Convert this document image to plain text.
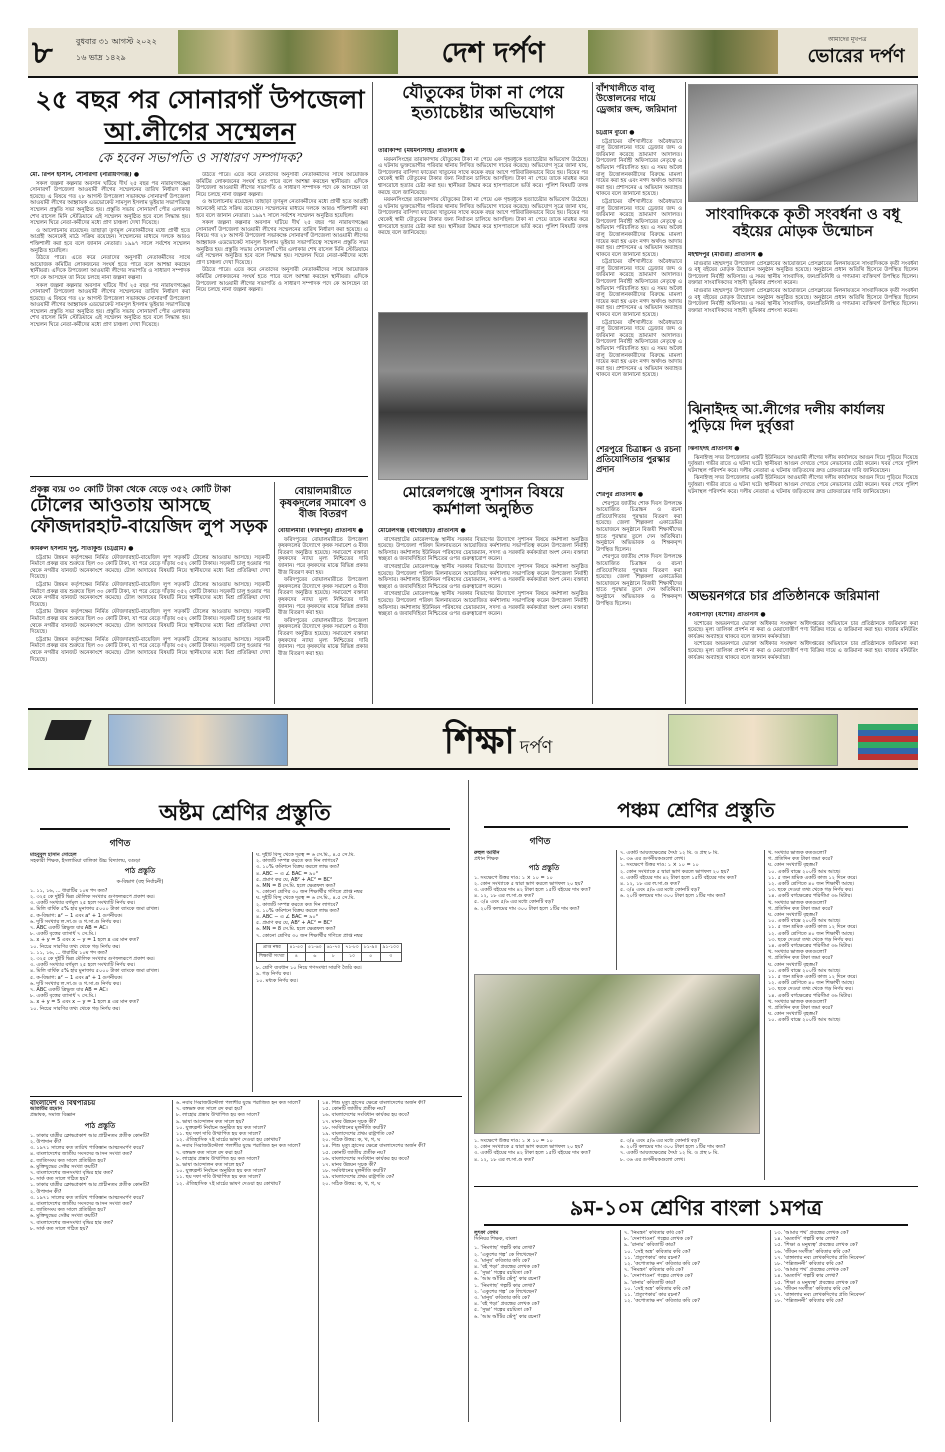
৮	বুধবার ৩১ আগস্ট ২০২২
১৬ ভাদ্র ১৪২৯	দেশ দর্পণ	আমাদের মূখপত্র
ভোরের দর্পণ
২৫ বছর পর সোনারগাঁ উপজেলা
আ.লীগের সম্মেলন
কে হবেন সভাপতি ও সাধারণ সম্পাদক?
মো. রিপন হাসান, সোনারগাঁ (নারায়ণগঞ্জ) ●

সকল জল্পনা কল্পনার অবসান ঘটিয়ে দীর্ঘ ২৫ বছর পর নারায়ণগঞ্জের সোনারগাঁ উপজেলা আওয়ামী লীগের সম্মেলনের তারিখ নির্ধারণ করা হয়েছে। এ বিষয়ে গত ২৮ আগস্ট উপজেলা সভাকক্ষে সোনারগাঁ উপজেলা আওয়ামী লীগের আহ্বায়ক এডভোকেট সামসুল ইসলাম ভূইয়ার সভাপতিত্বে সম্মেলন প্রস্তুতি সভা অনুষ্ঠিত হয়। প্রস্তুতি সভায় সোনারগাঁ পৌর এলাকার শেখ রাসেল মিনি স্টেডিয়ামে এই সম্মেলন অনুষ্ঠিত হবে বলে সিদ্ধান্ত হয়। সম্মেলন ঘিরে নেতা-কর্মীদের মধ্যে প্রাণ চাঞ্চল্য দেখা দিয়েছে।

ও আলোচনায় রয়েছেন। তাছাড়া তৃণমূল নেতাকর্মীদের মধ্যে প্রার্থী হতে আগ্রহী অনেকেই মাঠে সক্রিয় রয়েছেন। সম্মেলনের মাধ্যমে দলকে আরও শক্তিশালী করা হবে বলে জানান নেতারা। ১৯৯৭ সালে সর্বশেষ সম্মেলন অনুষ্ঠিত হয়েছিল।

উঠতে পারে। এতে করে নেতাদের অনুসারী নেতাকর্মীদের সাথে আয়োজক কমিটির লোকজনের সংঘর্ষ হতে পারে বলে আশঙ্কা করছেন স্থানীয়রা। এদিকে উপজেলা আওয়ামী লীগের সভাপতি ও সাধারণ সম্পাদক পদে কে আসছেন তা নিয়ে চলছে নানা জল্পনা কল্পনা।

সকল জল্পনা কল্পনার অবসান ঘটিয়ে দীর্ঘ ২৫ বছর পর নারায়ণগঞ্জের সোনারগাঁ উপজেলা আওয়ামী লীগের সম্মেলনের তারিখ নির্ধারণ করা হয়েছে। এ বিষয়ে গত ২৮ আগস্ট উপজেলা সভাকক্ষে সোনারগাঁ উপজেলা আওয়ামী লীগের আহ্বায়ক এডভোকেট সামসুল ইসলাম ভূইয়ার সভাপতিত্বে সম্মেলন প্রস্তুতি সভা অনুষ্ঠিত হয়। প্রস্তুতি সভায় সোনারগাঁ পৌর এলাকার শেখ রাসেল মিনি স্টেডিয়ামে এই সম্মেলন অনুষ্ঠিত হবে বলে সিদ্ধান্ত হয়। সম্মেলন ঘিরে নেতা-কর্মীদের মধ্যে প্রাণ চাঞ্চল্য দেখা দিয়েছে।

উঠতে পারে। এতে করে নেতাদের অনুসারী নেতাকর্মীদের সাথে আয়োজক কমিটির লোকজনের সংঘর্ষ হতে পারে বলে আশঙ্কা করছেন স্থানীয়রা। এদিকে উপজেলা আওয়ামী লীগের সভাপতি ও সাধারণ সম্পাদক পদে কে আসছেন তা নিয়ে চলছে নানা জল্পনা কল্পনা।

ও আলোচনায় রয়েছেন। তাছাড়া তৃণমূল নেতাকর্মীদের মধ্যে প্রার্থী হতে আগ্রহী অনেকেই মাঠে সক্রিয় রয়েছেন। সম্মেলনের মাধ্যমে দলকে আরও শক্তিশালী করা হবে বলে জানান নেতারা। ১৯৯৭ সালে সর্বশেষ সম্মেলন অনুষ্ঠিত হয়েছিল।

সকল জল্পনা কল্পনার অবসান ঘটিয়ে দীর্ঘ ২৫ বছর পর নারায়ণগঞ্জের সোনারগাঁ উপজেলা আওয়ামী লীগের সম্মেলনের তারিখ নির্ধারণ করা হয়েছে। এ বিষয়ে গত ২৮ আগস্ট উপজেলা সভাকক্ষে সোনারগাঁ উপজেলা আওয়ামী লীগের আহ্বায়ক এডভোকেট সামসুল ইসলাম ভূইয়ার সভাপতিত্বে সম্মেলন প্রস্তুতি সভা অনুষ্ঠিত হয়। প্রস্তুতি সভায় সোনারগাঁ পৌর এলাকার শেখ রাসেল মিনি স্টেডিয়ামে এই সম্মেলন অনুষ্ঠিত হবে বলে সিদ্ধান্ত হয়। সম্মেলন ঘিরে নেতা-কর্মীদের মধ্যে প্রাণ চাঞ্চল্য দেখা দিয়েছে।

উঠতে পারে। এতে করে নেতাদের অনুসারী নেতাকর্মীদের সাথে আয়োজক কমিটির লোকজনের সংঘর্ষ হতে পারে বলে আশঙ্কা করছেন স্থানীয়রা। এদিকে উপজেলা আওয়ামী লীগের সভাপতি ও সাধারণ সম্পাদক পদে কে আসছেন তা নিয়ে চলছে নানা জল্পনা কল্পনা।

প্রকল্প ব্যয় ৩০ কোটি টাকা থেকে বেড়ে ৩৫২ কোটি টাকা
টোলের আওতায় আসছে ফৌজদারহাট-বায়েজিদ লুপ সড়ক
কামরুল ইসলাম দুলু, সীতাকুন্ড (চট্টগ্রাম) ●

চট্টগ্রাম উন্নয়ন কর্তৃপক্ষের নির্মিত ফৌজদারহাট-বায়েজিদ লুপ সড়কটি টোলের আওতায় আসছে। সড়কটি নির্মাণে প্রকল্প ব্যয় শুরুতে ছিল ৩০ কোটি টাকা, যা পরে বেড়ে দাঁড়ায় ৩৫২ কোটি টাকায়। সড়কটি চালু হওয়ার পর থেকে নগরীর যানজট অনেকাংশে কমেছে। টোল আদায়ের বিষয়টি নিয়ে স্থানীয়দের মধ্যে মিশ্র প্রতিক্রিয়া দেখা দিয়েছে।

চট্টগ্রাম উন্নয়ন কর্তৃপক্ষের নির্মিত ফৌজদারহাট-বায়েজিদ লুপ সড়কটি টোলের আওতায় আসছে। সড়কটি নির্মাণে প্রকল্প ব্যয় শুরুতে ছিল ৩০ কোটি টাকা, যা পরে বেড়ে দাঁড়ায় ৩৫২ কোটি টাকায়। সড়কটি চালু হওয়ার পর থেকে নগরীর যানজট অনেকাংশে কমেছে। টোল আদায়ের বিষয়টি নিয়ে স্থানীয়দের মধ্যে মিশ্র প্রতিক্রিয়া দেখা দিয়েছে।

চট্টগ্রাম উন্নয়ন কর্তৃপক্ষের নির্মিত ফৌজদারহাট-বায়েজিদ লুপ সড়কটি টোলের আওতায় আসছে। সড়কটি নির্মাণে প্রকল্প ব্যয় শুরুতে ছিল ৩০ কোটি টাকা, যা পরে বেড়ে দাঁড়ায় ৩৫২ কোটি টাকায়। সড়কটি চালু হওয়ার পর থেকে নগরীর যানজট অনেকাংশে কমেছে। টোল আদায়ের বিষয়টি নিয়ে স্থানীয়দের মধ্যে মিশ্র প্রতিক্রিয়া দেখা দিয়েছে।

চট্টগ্রাম উন্নয়ন কর্তৃপক্ষের নির্মিত ফৌজদারহাট-বায়েজিদ লুপ সড়কটি টোলের আওতায় আসছে। সড়কটি নির্মাণে প্রকল্প ব্যয় শুরুতে ছিল ৩০ কোটি টাকা, যা পরে বেড়ে দাঁড়ায় ৩৫২ কোটি টাকায়। সড়কটি চালু হওয়ার পর থেকে নগরীর যানজট অনেকাংশে কমেছে। টোল আদায়ের বিষয়টি নিয়ে স্থানীয়দের মধ্যে মিশ্র প্রতিক্রিয়া দেখা দিয়েছে।

বোয়ালমারীতে কৃষকদলের সমাবেশ ও বীজ বিতরণ
বোয়ালমারী (ফরিদপুর) প্রতিনিধি ●

ফরিদপুরের বোয়ালমারীতে উপজেলা কৃষকদলের উদ্যোগে কৃষক সমাবেশ ও বীজ বিতরণ অনুষ্ঠিত হয়েছে। সমাবেশে বক্তারা কৃষকদের ন্যায্য মূল্য নিশ্চিতের দাবি জানান। পরে কৃষকদের মাঝে বিভিন্ন প্রকার বীজ বিতরণ করা হয়।

ফরিদপুরের বোয়ালমারীতে উপজেলা কৃষকদলের উদ্যোগে কৃষক সমাবেশ ও বীজ বিতরণ অনুষ্ঠিত হয়েছে। সমাবেশে বক্তারা কৃষকদের ন্যায্য মূল্য নিশ্চিতের দাবি জানান। পরে কৃষকদের মাঝে বিভিন্ন প্রকার বীজ বিতরণ করা হয়।

ফরিদপুরের বোয়ালমারীতে উপজেলা কৃষকদলের উদ্যোগে কৃষক সমাবেশ ও বীজ বিতরণ অনুষ্ঠিত হয়েছে। সমাবেশে বক্তারা কৃষকদের ন্যায্য মূল্য নিশ্চিতের দাবি জানান। পরে কৃষকদের মাঝে বিভিন্ন প্রকার বীজ বিতরণ করা হয়।

যৌতুকের টাকা না পেয়ে হত্যাচেষ্টার অভিযোগ
তারাকান্দা (ময়মনসিংহ) প্রতিনিধি ●

ময়মনসিংহের তারাকান্দায় যৌতুকের টাকা না পেয়ে এক গৃহবধূকে হত্যাচেষ্টার অভিযোগ উঠেছে। এ ঘটনায় ভুক্তভোগীর পরিবার থানায় লিখিত অভিযোগ দায়ের করেছে। অভিযোগ সূত্রে জানা যায়, উপজেলার বাসিন্দা ফাতেমা খাতুনের সাথে কয়েক বছর আগে পারিবারিকভাবে বিয়ে হয়। বিয়ের পর থেকেই স্বামী যৌতুকের টাকার জন্য নির্যাতন চালিয়ে আসছিল। টাকা না পেয়ে তাকে মারধর করে শ্বাসরোধে হত্যার চেষ্টা করা হয়। স্থানীয়রা উদ্ধার করে হাসপাতালে ভর্তি করে। পুলিশ বিষয়টি তদন্ত করছে বলে জানিয়েছে।

ময়মনসিংহের তারাকান্দায় যৌতুকের টাকা না পেয়ে এক গৃহবধূকে হত্যাচেষ্টার অভিযোগ উঠেছে। এ ঘটনায় ভুক্তভোগীর পরিবার থানায় লিখিত অভিযোগ দায়ের করেছে। অভিযোগ সূত্রে জানা যায়, উপজেলার বাসিন্দা ফাতেমা খাতুনের সাথে কয়েক বছর আগে পারিবারিকভাবে বিয়ে হয়। বিয়ের পর থেকেই স্বামী যৌতুকের টাকার জন্য নির্যাতন চালিয়ে আসছিল। টাকা না পেয়ে তাকে মারধর করে শ্বাসরোধে হত্যার চেষ্টা করা হয়। স্থানীয়রা উদ্ধার করে হাসপাতালে ভর্তি করে। পুলিশ বিষয়টি তদন্ত করছে বলে জানিয়েছে।

মোরেলগঞ্জে সুশাসন বিষয়ে কর্মশালা অনুষ্ঠিত
মোরেলগঞ্জ (বাগেরহাট) প্রতিনিধি ●

বাগেরহাটের মোরেলগঞ্জে স্থানীয় সরকার বিভাগের উদ্যোগে সুশাসন বিষয়ে কর্মশালা অনুষ্ঠিত হয়েছে। উপজেলা পরিষদ মিলনায়তনে আয়োজিত কর্মশালায় সভাপতিত্ব করেন উপজেলা নির্বাহী অফিসার। কর্মশালায় ইউনিয়ন পরিষদের চেয়ারম্যান, সদস্য ও সরকারি কর্মকর্তারা অংশ নেন। বক্তারা স্বচ্ছতা ও জবাবদিহিতা নিশ্চিতের ওপর গুরুত্বারোপ করেন।

বাগেরহাটের মোরেলগঞ্জে স্থানীয় সরকার বিভাগের উদ্যোগে সুশাসন বিষয়ে কর্মশালা অনুষ্ঠিত হয়েছে। উপজেলা পরিষদ মিলনায়তনে আয়োজিত কর্মশালায় সভাপতিত্ব করেন উপজেলা নির্বাহী অফিসার। কর্মশালায় ইউনিয়ন পরিষদের চেয়ারম্যান, সদস্য ও সরকারি কর্মকর্তারা অংশ নেন। বক্তারা স্বচ্ছতা ও জবাবদিহিতা নিশ্চিতের ওপর গুরুত্বারোপ করেন।

বাগেরহাটের মোরেলগঞ্জে স্থানীয় সরকার বিভাগের উদ্যোগে সুশাসন বিষয়ে কর্মশালা অনুষ্ঠিত হয়েছে। উপজেলা পরিষদ মিলনায়তনে আয়োজিত কর্মশালায় সভাপতিত্ব করেন উপজেলা নির্বাহী অফিসার। কর্মশালায় ইউনিয়ন পরিষদের চেয়ারম্যান, সদস্য ও সরকারি কর্মকর্তারা অংশ নেন। বক্তারা স্বচ্ছতা ও জবাবদিহিতা নিশ্চিতের ওপর গুরুত্বারোপ করেন।

বাঁশখালীতে বালু উত্তোলনের দায়ে ড্রেজার জব্দ, জরিমানা
চট্টগ্রাম ব্যুরো ●

চট্টগ্রামের বাঁশখালীতে অবৈধভাবে বালু উত্তোলনের দায়ে ড্রেজার জব্দ ও জরিমানা করেছে ভ্রাম্যমাণ আদালত। উপজেলা নির্বাহী অফিসারের নেতৃত্বে এ অভিযান পরিচালিত হয়। এ সময় অবৈধ বালু উত্তোলনকারীদের বিরুদ্ধে মামলা দায়ের করা হয় এবং নগদ অর্থদণ্ড আদায় করা হয়। প্রশাসনের এ অভিযান অব্যাহত থাকবে বলে জানানো হয়েছে।

চট্টগ্রামের বাঁশখালীতে অবৈধভাবে বালু উত্তোলনের দায়ে ড্রেজার জব্দ ও জরিমানা করেছে ভ্রাম্যমাণ আদালত। উপজেলা নির্বাহী অফিসারের নেতৃত্বে এ অভিযান পরিচালিত হয়। এ সময় অবৈধ বালু উত্তোলনকারীদের বিরুদ্ধে মামলা দায়ের করা হয় এবং নগদ অর্থদণ্ড আদায় করা হয়। প্রশাসনের এ অভিযান অব্যাহত থাকবে বলে জানানো হয়েছে।

চট্টগ্রামের বাঁশখালীতে অবৈধভাবে বালু উত্তোলনের দায়ে ড্রেজার জব্দ ও জরিমানা করেছে ভ্রাম্যমাণ আদালত। উপজেলা নির্বাহী অফিসারের নেতৃত্বে এ অভিযান পরিচালিত হয়। এ সময় অবৈধ বালু উত্তোলনকারীদের বিরুদ্ধে মামলা দায়ের করা হয় এবং নগদ অর্থদণ্ড আদায় করা হয়। প্রশাসনের এ অভিযান অব্যাহত থাকবে বলে জানানো হয়েছে।

চট্টগ্রামের বাঁশখালীতে অবৈধভাবে বালু উত্তোলনের দায়ে ড্রেজার জব্দ ও জরিমানা করেছে ভ্রাম্যমাণ আদালত। উপজেলা নির্বাহী অফিসারের নেতৃত্বে এ অভিযান পরিচালিত হয়। এ সময় অবৈধ বালু উত্তোলনকারীদের বিরুদ্ধে মামলা দায়ের করা হয় এবং নগদ অর্থদণ্ড আদায় করা হয়। প্রশাসনের এ অভিযান অব্যাহত থাকবে বলে জানানো হয়েছে।

শেরপুরে চিত্রাঙ্কন ও রচনা প্রতিযোগিতার পুরস্কার প্রদান
শেরপুর প্রতিনিধি ●

শেরপুরে জাতীয় শোক দিবস উপলক্ষে আয়োজিত চিত্রাঙ্কন ও রচনা প্রতিযোগিতার পুরস্কার বিতরণ করা হয়েছে। জেলা শিল্পকলা একাডেমির আয়োজনে অনুষ্ঠানে বিজয়ী শিক্ষার্থীদের হাতে পুরস্কার তুলে দেন অতিথিরা। অনুষ্ঠানে অভিভাবক ও শিক্ষকবৃন্দ উপস্থিত ছিলেন।

শেরপুরে জাতীয় শোক দিবস উপলক্ষে আয়োজিত চিত্রাঙ্কন ও রচনা প্রতিযোগিতার পুরস্কার বিতরণ করা হয়েছে। জেলা শিল্পকলা একাডেমির আয়োজনে অনুষ্ঠানে বিজয়ী শিক্ষার্থীদের হাতে পুরস্কার তুলে দেন অতিথিরা। অনুষ্ঠানে অভিভাবক ও শিক্ষকবৃন্দ উপস্থিত ছিলেন।

সাংবাদিককে কৃতী সংবর্ধনা ও বধূ বইয়ের মোড়ক উন্মোচন
মহম্মদপুর (মাগুরা) প্রতিনিধি ●

মাগুরার মহম্মদপুর উপজেলা প্রেসক্লাবের আয়োজনে প্রেসক্লাবের মিলনায়তনে সাংবাদিককে কৃতী সংবর্ধনা ও বধূ বইয়ের মোড়ক উন্মোচন অনুষ্ঠান অনুষ্ঠিত হয়েছে। অনুষ্ঠানে প্রধান অতিথি হিসেবে উপস্থিত ছিলেন উপজেলা নির্বাহী অফিসার। এ সময় স্থানীয় সাংবাদিক, জনপ্রতিনিধি ও গণ্যমান্য ব্যক্তিবর্গ উপস্থিত ছিলেন। বক্তারা সাংবাদিকদের সাহসী ভূমিকার প্রশংসা করেন।

মাগুরার মহম্মদপুর উপজেলা প্রেসক্লাবের আয়োজনে প্রেসক্লাবের মিলনায়তনে সাংবাদিককে কৃতী সংবর্ধনা ও বধূ বইয়ের মোড়ক উন্মোচন অনুষ্ঠান অনুষ্ঠিত হয়েছে। অনুষ্ঠানে প্রধান অতিথি হিসেবে উপস্থিত ছিলেন উপজেলা নির্বাহী অফিসার। এ সময় স্থানীয় সাংবাদিক, জনপ্রতিনিধি ও গণ্যমান্য ব্যক্তিবর্গ উপস্থিত ছিলেন। বক্তারা সাংবাদিকদের সাহসী ভূমিকার প্রশংসা করেন।

ঝিনাইদহ আ.লীগের দলীয় কার্যালয় পুড়িয়ে দিল দুর্বৃত্তরা
ঝিনাইদহ প্রতিনিধি ●

ঝিনাইদহ সদর উপজেলার একটি ইউনিয়নে আওয়ামী লীগের দলীয় কার্যালয়ে আগুন দিয়ে পুড়িয়ে দিয়েছে দুর্বৃত্তরা। গভীর রাতে এ ঘটনা ঘটে। স্থানীয়রা আগুন দেখতে পেয়ে নেভানোর চেষ্টা করেন। খবর পেয়ে পুলিশ ঘটনাস্থল পরিদর্শন করে। দলীয় নেতারা এ ঘটনায় জড়িতদের দ্রুত গ্রেফতারের দাবি জানিয়েছেন।

ঝিনাইদহ সদর উপজেলার একটি ইউনিয়নে আওয়ামী লীগের দলীয় কার্যালয়ে আগুন দিয়ে পুড়িয়ে দিয়েছে দুর্বৃত্তরা। গভীর রাতে এ ঘটনা ঘটে। স্থানীয়রা আগুন দেখতে পেয়ে নেভানোর চেষ্টা করেন। খবর পেয়ে পুলিশ ঘটনাস্থল পরিদর্শন করে। দলীয় নেতারা এ ঘটনায় জড়িতদের দ্রুত গ্রেফতারের দাবি জানিয়েছেন।

অভয়নগরে চার প্রতিষ্ঠানকে জরিমানা
নওয়াপাড়া (যশোর) প্রতিনিধি ●

যশোরের অভয়নগরে ভোক্তা অধিকার সংরক্ষণ অধিদপ্তরের অভিযানে চার প্রতিষ্ঠানকে জরিমানা করা হয়েছে। মূল্য তালিকা প্রদর্শন না করা ও মেয়াদোত্তীর্ণ পণ্য বিক্রির দায়ে এ জরিমানা করা হয়। বাজার মনিটরিং কার্যক্রম অব্যাহত থাকবে বলে জানান কর্মকর্তারা।

যশোরের অভয়নগরে ভোক্তা অধিকার সংরক্ষণ অধিদপ্তরের অভিযানে চার প্রতিষ্ঠানকে জরিমানা করা হয়েছে। মূল্য তালিকা প্রদর্শন না করা ও মেয়াদোত্তীর্ণ পণ্য বিক্রির দায়ে এ জরিমানা করা হয়। বাজার মনিটরিং কার্যক্রম অব্যাহত থাকবে বলে জানান কর্মকর্তারা।

শিক্ষা দর্পণ
অষ্টম শ্রেণির প্রস্তুতি
গণিত
মাহবুবুল হাসান সোহেল
সহকারী শিক্ষক, ইসলামিয়া বালিকা উচ্চ বিদ্যালয়, বগুড়া
পাঠ প্রস্তুতি
ক-বিভাগ (বহু নির্বাচনী)
১. ১১, ১৬, ... ধারাটির ১০ম পদ কত?
২. ৩২৫ কে দুইটি ভিন্ন মৌলিক সংখ্যার গুণফলরূপে প্রকাশ কর।
৩. একটি সংখ্যার বর্গমূল ২৫ হলে সংখ্যাটি নির্ণয় কর।
৪. মিলি বার্ষিক ৫% হার মুনাফায় ৫০০০ টাকা ব্যাংকে জমা রাখল।
৫. ক-বিভাগ: a² − 1 এবং a² + 1 গুণনীয়ক।
৬. দুটি সংখ্যার ল.সা.গু ও গ.সা.গু নির্ণয় কর।
৭. ABC একটি ত্রিভুজ যার AB = AC।
৮. একটি বৃত্তের ব্যাসার্ধ ৭ সে.মি.।
৯. x + y = 5 এবং x − y = 1 হলে x এর মান কত?
১০. নিচের সারণির তথ্য থেকে গড় নির্ণয় কর।
১. ১১, ১৬, ... ধারাটির ১০ম পদ কত?
২. ৩২৫ কে দুইটি ভিন্ন মৌলিক সংখ্যার গুণফলরূপে প্রকাশ কর।
৩. একটি সংখ্যার বর্গমূল ২৫ হলে সংখ্যাটি নির্ণয় কর।
৪. মিলি বার্ষিক ৫% হার মুনাফায় ৫০০০ টাকা ব্যাংকে জমা রাখল।
৫. ক-বিভাগ: a² − 1 এবং a² + 1 গুণনীয়ক।
৬. দুটি সংখ্যার ল.সা.গু ও গ.সা.গু নির্ণয় কর।
৭. ABC একটি ত্রিভুজ যার AB = AC।
৮. একটি বৃত্তের ব্যাসার্ধ ৭ সে.মি.।
৯. x + y = 5 এবং x − y = 1 হলে x এর মান কত?
১০. নিচের সারণির তথ্য থেকে গড় নির্ণয় কর।
ঘ. দুইটি বিন্দু থেকে দূরত্ব = ৬ সে.মি., ৪.৫ সে.মি.
২. কাজটি সম্পন্ন করতে কত দিন লাগবে?
৩. ১০% কমিশনে বিক্রয় করলে লাভ কত?
৪. ABC − এ ∠ BAC = ৯০°
৫. প্রমাণ কর যে, AB² + AC² = BC²
৬. MN = 8 সে.মি. হলে ক্ষেত্রফল কত?
৭. কোনো শ্রেণির ৩০ জন শিক্ষার্থীর গণিতে প্রাপ্ত নম্বর
ঘ. দুইটি বিন্দু থেকে দূরত্ব = ৬ সে.মি., ৪.৫ সে.মি.
২. কাজটি সম্পন্ন করতে কত দিন লাগবে?
৩. ১০% কমিশনে বিক্রয় করলে লাভ কত?
৪. ABC − এ ∠ BAC = ৯০°
৫. প্রমাণ কর যে, AB² + AC² = BC²
৬. MN = 8 সে.মি. হলে ক্ষেত্রফল কত?
৭. কোনো শ্রেণির ৩০ জন শিক্ষার্থীর গণিতে প্রাপ্ত নম্বর
প্রাপ্ত নম্বর	৪১-৫০	৫১-৬০	৬১-৭০	৭১-৮০	৮১-৯০	৯১-১০০
শিক্ষার্থী সংখ্যা	৪	৬	৮	১০	৫	৩
৮. শ্রেণি ব্যবধান ১০ নিয়ে গণসংখ্যা সারণি তৈরি কর।
৯. গড় নির্ণয় কর।
১০. মধ্যক নির্ণয় কর।
বাংলাদেশ ও বিশ্বপরিচয়
আতাউর রহমান
প্রভাষক, সমাজ বিজ্ঞান
পাঠ প্রস্তুতি
১. ঢাকার যাত্রীর ক্লোভপ্রকাশ আর প্রাচীনতম প্রতীক কোনটি?
২. উপাদান কী?
৩. ১৯৭১ সালের কত তারিখ পাকিস্তান আত্মসমর্পণ করে?
৪. বাংলাদেশের জাতীয় সংসদের আসন সংখ্যা কত?
৫. জাতিসংঘ কত সালে প্রতিষ্ঠিত হয়?
৬. মুক্তিযুদ্ধের সেক্টর সংখ্যা কয়টি?
৭. বাংলাদেশের জনসংখ্যা বৃদ্ধির হার কত?
৮. সার্ক কত সালে গঠিত হয়?
১. ঢাকার যাত্রীর ক্লোভপ্রকাশ আর প্রাচীনতম প্রতীক কোনটি?
২. উপাদান কী?
৩. ১৯৭১ সালের কত তারিখ পাকিস্তান আত্মসমর্পণ করে?
৪. বাংলাদেশের জাতীয় সংসদের আসন সংখ্যা কত?
৫. জাতিসংঘ কত সালে প্রতিষ্ঠিত হয়?
৬. মুক্তিযুদ্ধের সেক্টর সংখ্যা কয়টি?
৭. বাংলাদেশের জনসংখ্যা বৃদ্ধির হার কত?
৮. সার্ক কত সালে গঠিত হয়?
৬. নবাব সিরাজউদ্দৌলা পলাশীর যুদ্ধে পরাজিত হন কত সালে?
৭. বঙ্গভঙ্গ কত সালে রদ করা হয়?
৮. লাহোর প্রস্তাব উত্থাপিত হয় কত সালে?
৯. ভাষা আন্দোলন কত সালে হয়?
১০. যুক্তফ্রন্ট নির্বাচন অনুষ্ঠিত হয় কত সালে?
১১. ছয় দফা দাবি উত্থাপিত হয় কত সালে?
১২. ঐতিহাসিক ৭ই মার্চের ভাষণ দেওয়া হয় কোথায়?
৬. নবাব সিরাজউদ্দৌলা পলাশীর যুদ্ধে পরাজিত হন কত সালে?
৭. বঙ্গভঙ্গ কত সালে রদ করা হয়?
৮. লাহোর প্রস্তাব উত্থাপিত হয় কত সালে?
৯. ভাষা আন্দোলন কত সালে হয়?
১০. যুক্তফ্রন্ট নির্বাচন অনুষ্ঠিত হয় কত সালে?
১১. ছয় দফা দাবি উত্থাপিত হয় কত সালে?
১২. ঐতিহাসিক ৭ই মার্চের ভাষণ দেওয়া হয় কোথায়?
১৪. শিশু মৃত্যু হ্রাসের ক্ষেত্রে বাংলাদেশের অর্জন কী?
১৫. কোনটি জাতীয় প্রতীক নয়?
১৬. বাংলাদেশের সংবিধান কার্যকর হয় কবে?
১৭. মানব উন্নয়ন সূচক কী?
১৮. সংবিধানের মূলনীতি কয়টি?
১৯. বাংলাদেশের প্রথম রাষ্ট্রপতি কে?
২০. সঠিক উত্তর: ক, খ, গ, ঘ
১৪. শিশু মৃত্যু হ্রাসের ক্ষেত্রে বাংলাদেশের অর্জন কী?
১৫. কোনটি জাতীয় প্রতীক নয়?
১৬. বাংলাদেশের সংবিধান কার্যকর হয় কবে?
১৭. মানব উন্নয়ন সূচক কী?
১৮. সংবিধানের মূলনীতি কয়টি?
১৯. বাংলাদেশের প্রথম রাষ্ট্রপতি কে?
২০. সঠিক উত্তর: ক, খ, গ, ঘ
পঞ্চম শ্রেণির প্রস্তুতি
গণিত
রুহুল আমীন
প্রধান শিক্ষক
পাঠ প্রস্তুতি
১. সংক্ষেপে উত্তর দাও: ১ × ১০ = ১০
২. কোন সংখ্যাকে ৫ দ্বারা ভাগ করলে ভাগফল ২০ হয়?
৩. একটি বইয়ের দাম ৪২ টাকা হলে ১৫টি বইয়ের দাম কত?
৪. ১২, ১৮ এর ল.সা.গু কত?
৫. ৩/৪ এবং ৫/৬ এর মধ্যে কোনটি বড়?
৬. ২০টি কলমের দাম ৩০০ টাকা হলে ১টির দাম কত?
৭. একটি আয়তক্ষেত্রের দৈর্ঘ্য ১২ মি. ও প্রস্থ ৮ মি.
৮. ৩৬ এর গুণনীয়কগুলো লেখ।
১. সংক্ষেপে উত্তর দাও: ১ × ১০ = ১০
২. কোন সংখ্যাকে ৫ দ্বারা ভাগ করলে ভাগফল ২০ হয়?
৩. একটি বইয়ের দাম ৪২ টাকা হলে ১৫টি বইয়ের দাম কত?
৪. ১২, ১৮ এর ল.সা.গু কত?
৫. ৩/৪ এবং ৫/৬ এর মধ্যে কোনটি বড়?
৬. ২০টি কলমের দাম ৩০০ টাকা হলে ১টির দাম কত?
খ. সংখ্যার ভাজক কতগুলো?
গ. প্রতিদিন কত টাকা জমা করে?
ঘ. কোন সংখ্যাটি বৃহত্তম?
১০. একটি বাক্সে ২০০টি আম আছে।
১১. ৫ জন শ্রমিক একটি কাজ ১২ দিনে করে।
১২. একটি শ্রেণিতে ৪০ জন শিক্ষার্থী আছে।
১৩. ছকে দেওয়া তথ্য থেকে গড় নির্ণয় কর।
১৪. একটি বর্গক্ষেত্রের পরিসীমা ৩৬ মিটার।
খ. সংখ্যার ভাজক কতগুলো?
গ. প্রতিদিন কত টাকা জমা করে?
ঘ. কোন সংখ্যাটি বৃহত্তম?
১০. একটি বাক্সে ২০০টি আম আছে।
১১. ৫ জন শ্রমিক একটি কাজ ১২ দিনে করে।
১২. একটি শ্রেণিতে ৪০ জন শিক্ষার্থী আছে।
১৩. ছকে দেওয়া তথ্য থেকে গড় নির্ণয় কর।
১৪. একটি বর্গক্ষেত্রের পরিসীমা ৩৬ মিটার।
খ. সংখ্যার ভাজক কতগুলো?
গ. প্রতিদিন কত টাকা জমা করে?
ঘ. কোন সংখ্যাটি বৃহত্তম?
১০. একটি বাক্সে ২০০টি আম আছে।
১১. ৫ জন শ্রমিক একটি কাজ ১২ দিনে করে।
১২. একটি শ্রেণিতে ৪০ জন শিক্ষার্থী আছে।
১৩. ছকে দেওয়া তথ্য থেকে গড় নির্ণয় কর।
১৪. একটি বর্গক্ষেত্রের পরিসীমা ৩৬ মিটার।
খ. সংখ্যার ভাজক কতগুলো?
গ. প্রতিদিন কত টাকা জমা করে?
ঘ. কোন সংখ্যাটি বৃহত্তম?
১০. একটি বাক্সে ২০০টি আম আছে।
১. সংক্ষেপে উত্তর দাও: ১ × ১০ = ১০
২. কোন সংখ্যাকে ৫ দ্বারা ভাগ করলে ভাগফল ২০ হয়?
৩. একটি বইয়ের দাম ৪২ টাকা হলে ১৫টি বইয়ের দাম কত?
৪. ১২, ১৮ এর ল.সা.গু কত?
৫. ৩/৪ এবং ৫/৬ এর মধ্যে কোনটি বড়?
৬. ২০টি কলমের দাম ৩০০ টাকা হলে ১টির দাম কত?
৭. একটি আয়তক্ষেত্রের দৈর্ঘ্য ১২ মি. ও প্রস্থ ৮ মি.
৮. ৩৬ এর গুণনীয়কগুলো লেখ।
৯ম-১০ম শ্রেণির বাংলা ১মপত্র
লুৎফা বেগম
সিনিয়র শিক্ষক, বাংলা
১. ‘নিমগাছ’ গল্পটি কার লেখা?
২. ‘একুশের গল্প’ কে লিখেছেন?
৩. ‘মানুষ’ কবিতার কবি কে?
৪. ‘বই পড়া’ প্রবন্ধের লেখক কে?
৫. ‘সুভা’ গল্পের রচয়িতা কে?
৬. ‘আম আঁটির ভেঁপু’ কার রচনা?
১. ‘নিমগাছ’ গল্পটি কার লেখা?
২. ‘একুশের গল্প’ কে লিখেছেন?
৩. ‘মানুষ’ কবিতার কবি কে?
৪. ‘বই পড়া’ প্রবন্ধের লেখক কে?
৫. ‘সুভা’ গল্পের রচয়িতা কে?
৬. ‘আম আঁটির ভেঁপু’ কার রচনা?
৭. ‘নিমন্ত্রণ’ কবিতার কবি কে?
৮. ‘দেনাপাওনা’ গল্পের লেখক কে?
৯. ‘রানার’ কবিতাটি কার?
১০. ‘সেই অস্ত্র’ কবিতার কবি কে?
১১. ‘প্রত্যুপকার’ কার রচনা?
১২. ‘কপোতাক্ষ নদ’ কবিতার কবি কে?
৭. ‘নিমন্ত্রণ’ কবিতার কবি কে?
৮. ‘দেনাপাওনা’ গল্পের লেখক কে?
৯. ‘রানার’ কবিতাটি কার?
১০. ‘সেই অস্ত্র’ কবিতার কবি কে?
১১. ‘প্রত্যুপকার’ কার রচনা?
১২. ‘কপোতাক্ষ নদ’ কবিতার কবি কে?
১৩. ‘আমার পথ’ প্রবন্ধের লেখক কে?
১৪. ‘মমতাদি’ গল্পটি কার লেখা?
১৫. ‘শিক্ষা ও মনুষ্যত্ব’ প্রবন্ধের লেখক কে?
১৬. ‘জীবন সংগীত’ কবিতার কবি কে?
১৭. ‘বাঙ্গালার নব্য লেখকদিগের প্রতি নিবেদন’
১৮. ‘পল্লিজননী’ কবিতার কবি কে?
১৩. ‘আমার পথ’ প্রবন্ধের লেখক কে?
১৪. ‘মমতাদি’ গল্পটি কার লেখা?
১৫. ‘শিক্ষা ও মনুষ্যত্ব’ প্রবন্ধের লেখক কে?
১৬. ‘জীবন সংগীত’ কবিতার কবি কে?
১৭. ‘বাঙ্গালার নব্য লেখকদিগের প্রতি নিবেদন’
১৮. ‘পল্লিজননী’ কবিতার কবি কে?
